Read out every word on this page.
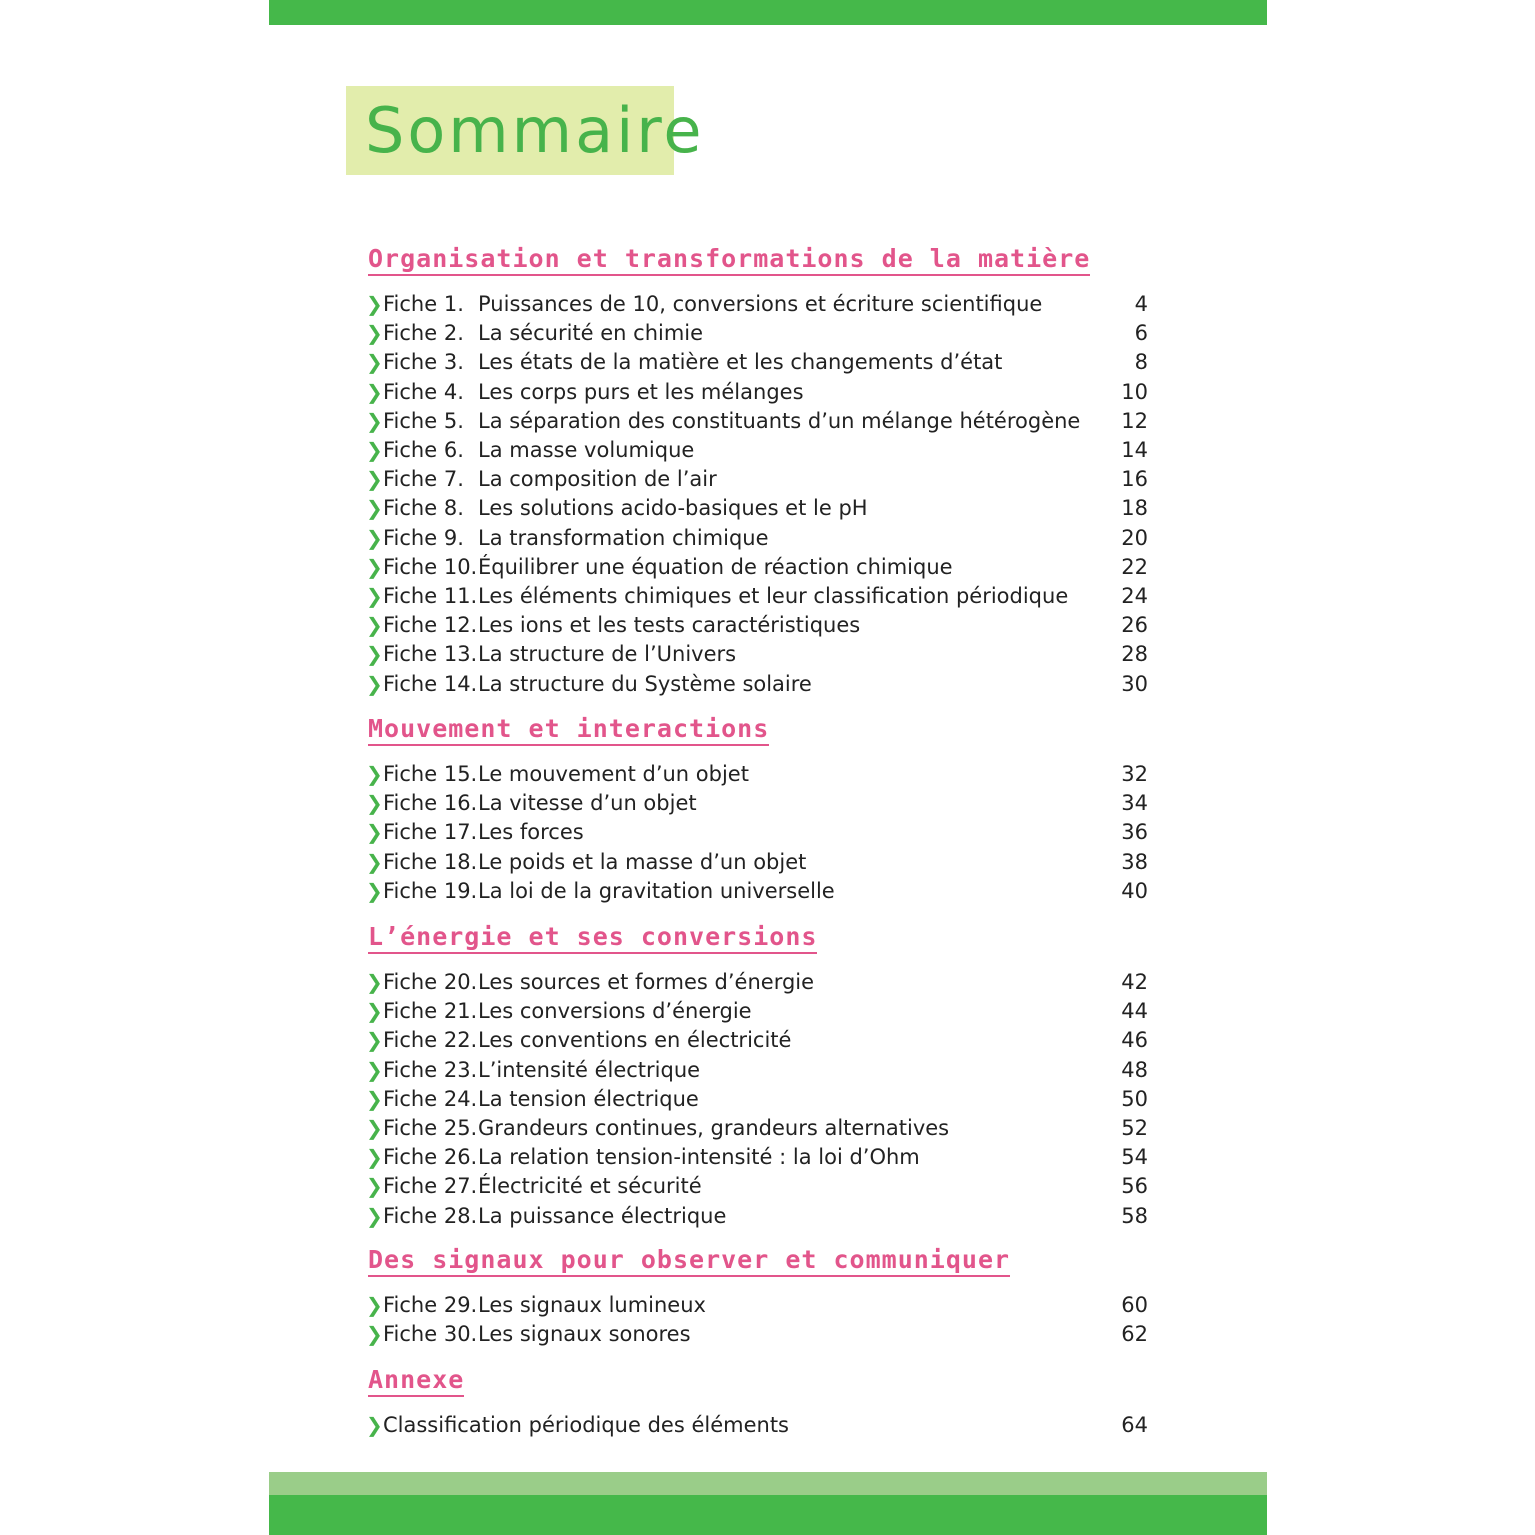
Sommaire
Organisation et transformations de la matière
❯ Fiche 1. Puissances de 10, conversions et écriture scientifique	4
❯ Fiche 2. La sécurité en chimie	6
❯ Fiche 3. Les états de la matière et les changements d’état	8
❯ Fiche 4. Les corps purs et les mélanges	10
❯ Fiche 5. La séparation des constituants d’un mélange hétérogène 12
❯ Fiche 6. La masse volumique	14
❯ Fiche 7. La composition de l’air	16
❯ Fiche 8. Les solutions acido-basiques et le pH	18
❯ Fiche 9. La transformation chimique	20
❯ Fiche 10. Équilibrer une équation de réaction chimique	22
❯ Fiche 11. Les éléments chimiques et leur classification périodique	24
❯ Fiche 12. Les ions et les tests caractéristiques	26
❯ Fiche 13. La structure de l’Univers	28
❯ Fiche 14. La structure du Système solaire	30
Mouvement et interactions
❯ Fiche 15. Le mouvement d’un objet	32
❯ Fiche 16. La vitesse d’un objet	34
❯ Fiche 17. Les forces	36
❯ Fiche 18. Le poids et la masse d’un objet	38
❯ Fiche 19. La loi de la gravitation universelle	40
L’énergie et ses conversions
❯ Fiche 20. Les sources et formes d’énergie	42
❯ Fiche 21. Les conversions d’énergie	44
❯ Fiche 22. Les conventions en électricité	46
❯ Fiche 23. L’intensité électrique	48
❯ Fiche 24. La tension électrique	50
❯ Fiche 25. Grandeurs continues, grandeurs alternatives	52
❯ Fiche 26. La relation tension-intensité : la loi d’Ohm	54
❯ Fiche 27. Électricité et sécurité	56
❯ Fiche 28. La puissance électrique	58
Des signaux pour observer et communiquer
❯ Fiche 29. Les signaux lumineux	60
❯ Fiche 30. Les signaux sonores	62
Annexe
❯ Classification périodique des éléments	64
